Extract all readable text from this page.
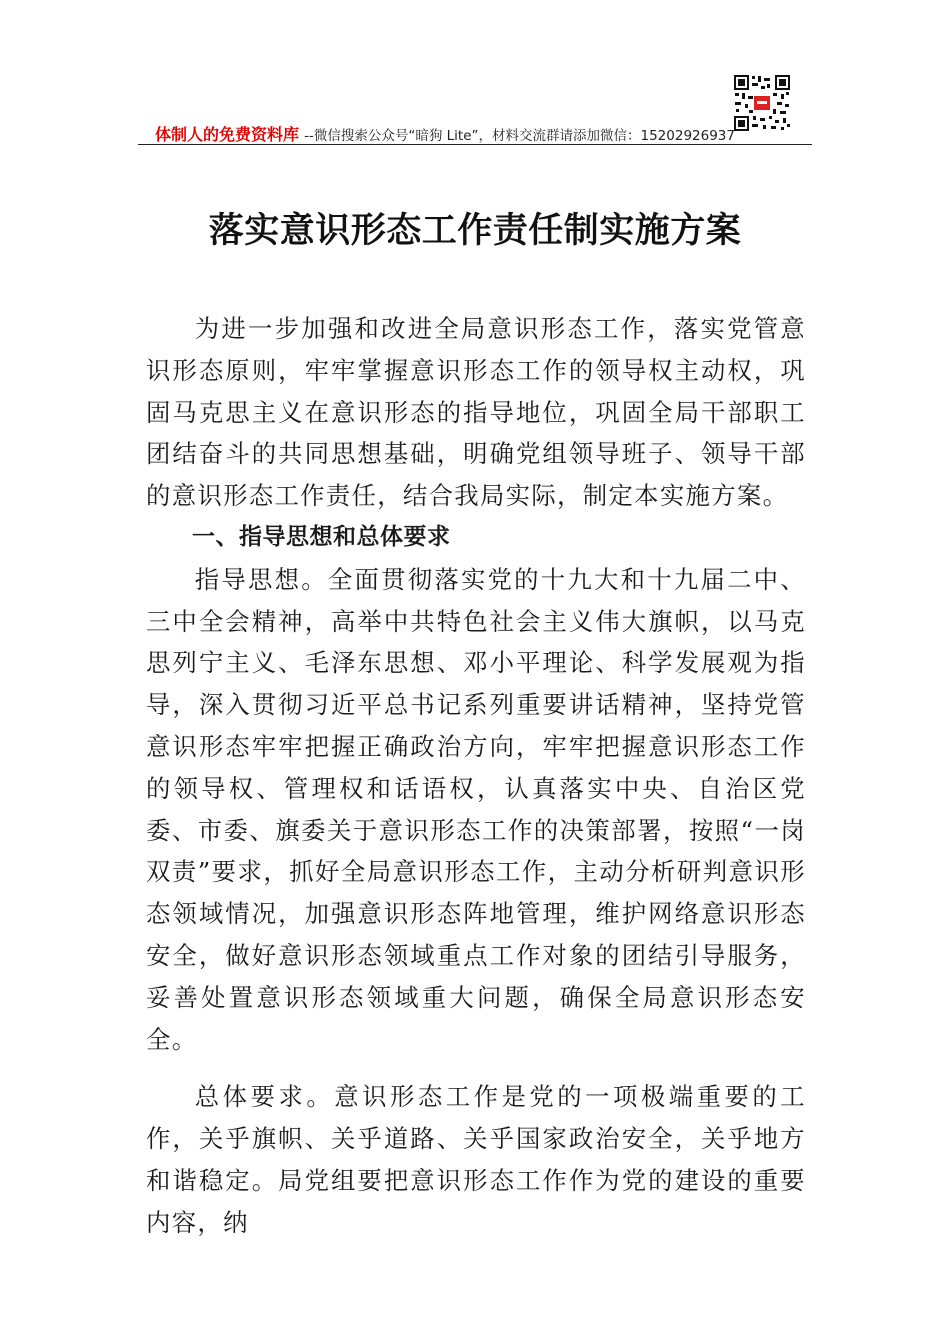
体制人的免费资料库 --微信搜索公众号“暗狗 Lite”，材料交流群请添加微信：15202926937
落实意识形态工作责任制实施方案

为进一步加强和改进全局意识形态工作，落实党管意识形态原则，牢牢掌握意识形态工作的领导权主动权，巩固马克思主义在意识形态的指导地位，巩固全局干部职工团结奋斗的共同思想基础，明确党组领导班子、领导干部的意识形态工作责任，结合我局实际，制定本实施方案。

一、指导思想和总体要求

指导思想。全面贯彻落实党的十九大和十九届二中、三中全会精神，高举中共特色社会主义伟大旗帜，以马克思列宁主义、毛泽东思想、邓小平理论、科学发展观为指导，深入贯彻习近平总书记系列重要讲话精神，坚持党管意识形态牢牢把握正确政治方向，牢牢把握意识形态工作的领导权、管理权和话语权，认真落实中央、自治区党委、市委、旗委关于意识形态工作的决策部署，按照“一岗双责”要求，抓好全局意识形态工作，主动分析研判意识形态领域情况，加强意识形态阵地管理，维护网络意识形态安全，做好意识形态领域重点工作对象的团结引导服务，妥善处置意识形态领域重大问题，确保全局意识形态安全。

总体要求。意识形态工作是党的一项极端重要的工作，关乎旗帜、关乎道路、关乎国家政治安全，关乎地方和谐稳定。局党组要把意识形态工作作为党的建设的重要内容，纳
